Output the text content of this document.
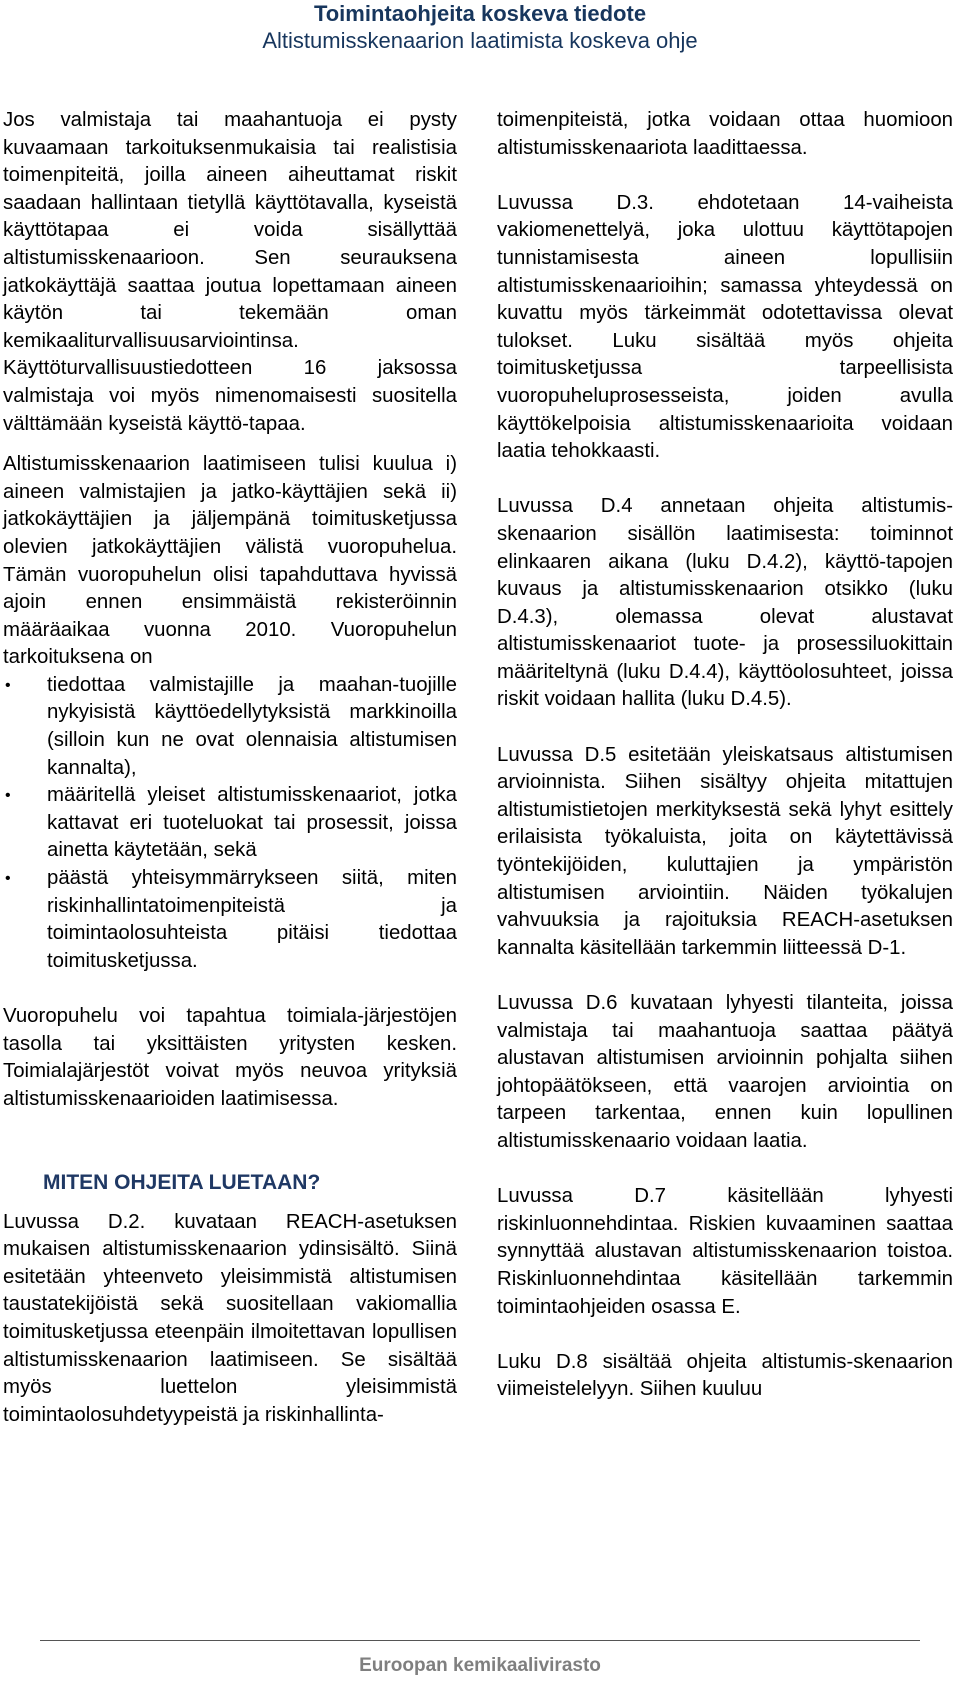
Toimintaohjeita koskeva tiedote
Altistumisskenaarion laatimista koskeva ohje

Jos valmistaja tai maahantuoja ei pysty kuvaamaan tarkoituksenmukaisia tai realistisia toimenpiteitä, joilla aineen aiheuttamat riskit saadaan hallintaan tietyllä käyttötavalla, kyseistä käyttötapaa ei voida sisällyttää altistumisskenaarioon. Sen seurauksena jatkokäyttäjä saattaa joutua lopettamaan aineen käytön tai tekemään oman kemikaaliturvallisuusarviointinsa. Käyttöturvallisuustiedotteen 16 jaksossa valmistaja voi myös nimenomaisesti suositella välttämään kyseistä käyttö-tapaa.

Altistumisskenaarion laatimiseen tulisi kuulua i) aineen valmistajien ja jatko-käyttäjien sekä ii) jatkokäyttäjien ja jäljempänä toimitusketjussa olevien jatkokäyttäjien välistä vuoropuhelua. Tämän vuoropuhelun olisi tapahduttava hyvissä ajoin ennen ensimmäistä rekisteröinnin määräaikaa vuonna 2010. Vuoropuhelun tarkoituksena on

• tiedottaa valmistajille ja maahan-tuojille nykyisistä käyttöedellytyksistä markkinoilla (silloin kun ne ovat olennaisia altistumisen kannalta),
• määritellä yleiset altistumisskenaariot, jotka kattavat eri tuoteluokat tai prosessit, joissa ainetta käytetään, sekä
• päästä yhteisymmärrykseen siitä, miten riskinhallintatoimenpiteistä ja toimintaolosuhteista pitäisi tiedottaa toimitusketjussa.

Vuoropuhelu voi tapahtua toimiala-järjestöjen tasolla tai yksittäisten yritysten kesken. Toimialajärjestöt voivat myös neuvoa yrityksiä altistumisskenaarioiden laatimisessa.

MITEN OHJEITA LUETAAN?

Luvussa D.2. kuvataan REACH-asetuksen mukaisen altistumisskenaarion ydinsisältö. Siinä esitetään yhteenveto yleisimmistä altistumisen taustatekijöistä sekä suositellaan vakiomallia toimitusketjussa eteenpäin ilmoitettavan lopullisen altistumisskenaarion laatimiseen. Se sisältää myös luettelon yleisimmistä toimintaolosuhdetyypeistä ja riskinhallinta-

toimenpiteistä, jotka voidaan ottaa huomioon altistumisskenaariota laadittaessa.

Luvussa D.3. ehdotetaan 14-vaiheista vakiomenettelyä, joka ulottuu käyttötapojen tunnistamisesta aineen lopullisiin altistumisskenaarioihin; samassa yhteydessä on kuvattu myös tärkeimmät odotettavissa olevat tulokset. Luku sisältää myös ohjeita toimitusketjussa tarpeellisista vuoropuheluprosesseista, joiden avulla käyttökelpoisia altistumisskenaarioita voidaan laatia tehokkaasti.

Luvussa D.4 annetaan ohjeita altistumis-skenaarion sisällön laatimisesta: toiminnot elinkaaren aikana (luku D.4.2), käyttö-tapojen kuvaus ja altistumisskenaarion otsikko (luku D.4.3), olemassa olevat alustavat altistumisskenaariot tuote- ja prosessiluokittain määriteltynä (luku D.4.4), käyttöolosuhteet, joissa riskit voidaan hallita (luku D.4.5).

Luvussa D.5 esitetään yleiskatsaus altistumisen arvioinnista. Siihen sisältyy ohjeita mitattujen altistumistietojen merkityksestä sekä lyhyt esittely erilaisista työkaluista, joita on käytettävissä työntekijöiden, kuluttajien ja ympäristön altistumisen arviointiin. Näiden työkalujen vahvuuksia ja rajoituksia REACH-asetuksen kannalta käsitellään tarkemmin liitteessä D-1.

Luvussa D.6 kuvataan lyhyesti tilanteita, joissa valmistaja tai maahantuoja saattaa päätyä alustavan altistumisen arvioinnin pohjalta siihen johtopäätökseen, että vaarojen arviointia on tarpeen tarkentaa, ennen kuin lopullinen altistumisskenaario voidaan laatia.

Luvussa D.7 käsitellään lyhyesti riskinluonnehdintaa. Riskien kuvaaminen saattaa synnyttää alustavan altistumisskenaarion toistoa. Riskinluonnehdintaa käsitellään tarkemmin toimintaohjeiden osassa E.

Luku D.8 sisältää ohjeita altistumis-skenaarion viimeistelelyyn. Siihen kuuluu

Euroopan kemikaalivirasto
